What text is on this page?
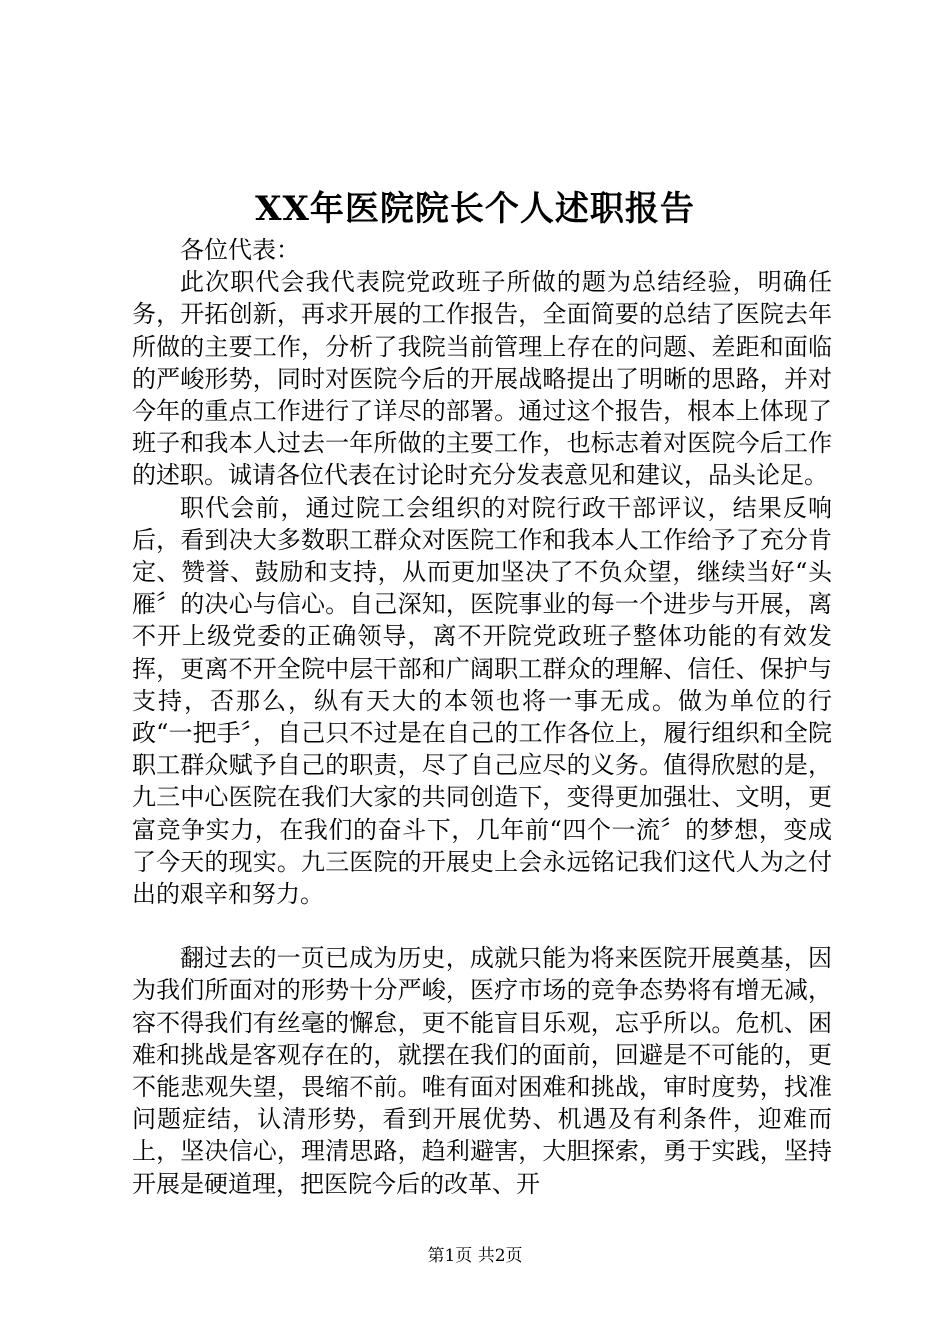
XX年医院院长个人述职报告

各位代表：

此次职代会我代表院党政班子所做的题为总结经验，明确任务，开拓创新，再求开展的工作报告，全面简要的总结了医院去年所做的主要工作，分析了我院当前管理上存在的问题、差距和面临的严峻形势，同时对医院今后的开展战略提出了明晰的思路，并对今年的重点工作进行了详尽的部署。通过这个报告，根本上体现了班子和我本人过去一年所做的主要工作，也标志着对医院今后工作的述职。诚请各位代表在讨论时充分发表意见和建议，品头论足。

职代会前，通过院工会组织的对院行政干部评议，结果反响后，看到决大多数职工群众对医院工作和我本人工作给予了充分肯定、赞誉、鼓励和支持，从而更加坚决了不负众望，继续当好“头雁〞的决心与信心。自己深知，医院事业的每一个进步与开展，离不开上级党委的正确领导，离不开院党政班子整体功能的有效发挥，更离不开全院中层干部和广阔职工群众的理解、信任、保护与支持，否那么，纵有天大的本领也将一事无成。做为单位的行政“一把手〞，自己只不过是在自己的工作各位上，履行组织和全院职工群众赋予自己的职责，尽了自己应尽的义务。值得欣慰的是，九三中心医院在我们大家的共同创造下，变得更加强壮、文明，更富竞争实力，在我们的奋斗下，几年前“四个一流〞的梦想，变成了今天的现实。九三医院的开展史上会永远铭记我们这代人为之付出的艰辛和努力。

翻过去的一页已成为历史，成就只能为将来医院开展奠基，因为我们所面对的形势十分严峻，医疗市场的竞争态势将有增无减，容不得我们有丝毫的懈怠，更不能盲目乐观，忘乎所以。危机、困难和挑战是客观存在的，就摆在我们的面前，回避是不可能的，更不能悲观失望，畏缩不前。唯有面对困难和挑战，审时度势，找准问题症结，认清形势，看到开展优势、机遇及有利条件，迎难而上，坚决信心，理清思路，趋利避害，大胆探索，勇于实践，坚持开展是硬道理，把医院今后的改革、开

第1页 共2页
